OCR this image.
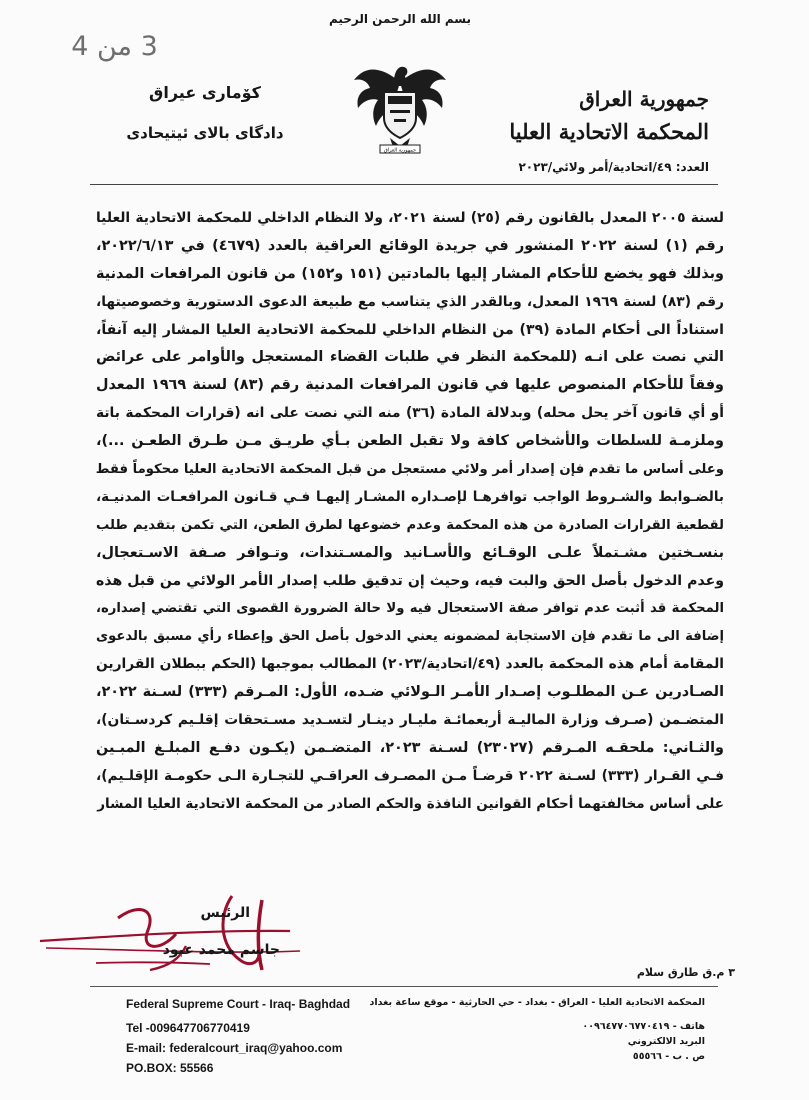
3 من 4
بسم الله الرحمن الرحيم
جمهورية العراق
جمهورية العراق
المحكمة الاتحادية العليا
كۆمارى عيراق
دادگاى بالاى ئیتيحادى
العدد: ٤٩/اتحادية/أمر ولائي/٢٠٢٣
لسنة ٢٠٠٥ المعدل بالقانون رقم (٢٥) لسنة ٢٠٢١، ولا النظام الداخلي للمحكمة الاتحادية العليا
رقم (١) لسنة ٢٠٢٢ المنشور في جريدة الوقائع العراقية بالعدد (٤٦٧٩) في ٢٠٢٢/٦/١٣،
وبذلك فهو يخضع للأحكام المشار إليها بالمادتين (١٥١ و١٥٢) من قانون المرافعات المدنية
رقم (٨٣) لسنة ١٩٦٩ المعدل، وبالقدر الذي يتناسب مع طبيعة الدعوى الدستورية وخصوصيتها،
استناداً الى أحكام المادة (٣٩) من النظام الداخلي للمحكمة الاتحادية العليا المشار إليه آنفاً،
التي نصت على انـه (للمحكمة النظر في طلبات القضاء المستعجل والأوامر على عرائض
وفقاً للأحكام المنصوص عليها في قانون المرافعات المدنية رقم (٨٣) لسنة ١٩٦٩ المعدل
أو أي قانون آخر يحل محله) وبدلالة المادة (٣٦) منه التي نصت على انه (قرارات المحكمة باتة
وملزمـة للسلطات والأشخاص كافة ولا تقبل الطعن بـأي طريـق مـن طـرق الطعـن ...)،
وعلى أساس ما تقدم فإن إصدار أمر ولائي مستعجل من قبل المحكمة الاتحادية العليا محكوماً فقط
بالضـوابط والشـروط الواجب توافرهـا لإصـداره المشـار إليهـا فـي قـانون المرافعـات المدنيـة،
لقطعية القرارات الصادرة من هذه المحكمة وعدم خضوعها لطرق الطعن، التي تكمن بتقديم طلب
بنسـختين مشـتملاً علـى الوقـائع والأسـانيد والمسـتندات، وتـوافر صـفة الاسـتعجال،
وعدم الدخول بأصل الحق والبت فيه، وحيث إن تدقيق طلب إصدار الأمر الولائي من قبل هذه
المحكمة قد أثبت عدم توافر صفة الاستعجال فيه ولا حالة الضرورة القصوى التي تقتضي إصداره،
إضافة الى ما تقدم فإن الاستجابة لمضمونه يعني الدخول بأصل الحق وإعطاء رأي مسبق بالدعوى
المقامة أمام هذه المحكمة بالعدد (٤٩/اتحادية/٢٠٢٣) المطالب بموجبها (الحكم ببطلان القرارين
الصـادرين عـن المطلـوب إصـدار الأمـر الـولائي ضـده، الأول: المـرقم (٣٣٣) لسـنة ٢٠٢٢،
المتضـمن (صـرف وزارة الماليـة أربعمائـة مليـار دينـار لتسـديد مسـتحقات إقلـيم كردسـتان)،
والثـاني: ملحقـه المـرقم (٢٣٠٢٧) لسـنة ٢٠٢٣، المتضـمن (يكـون دفـع المبلـغ المبـين
فـي القـرار (٣٣٣) لسـنة ٢٠٢٢ قرضـاً مـن المصـرف العراقـي للتجـارة الـى حكومـة الإقلـيم)،
على أساس مخالفتهما أحكام القوانين النافذة والحكم الصادر من المحكمة الاتحادية العليا المشار
الرئيس
جاسم محمد عبود
٣ م.ق طارق سلام
Federal Supreme Court - Iraq- Baghdad
Tel -009647706770419
E-mail: federalcourt_iraq@yahoo.com
PO.BOX: 55566
المحكمة الاتحادية العليا - العراق - بغداد - حي الحارثية - موقع ساعة بغداد
هاتف - ٠٠٩٦٤٧٧٠٦٧٧٠٤١٩
البريد الالكتروني
ص . ب - ٥٥٥٦٦
